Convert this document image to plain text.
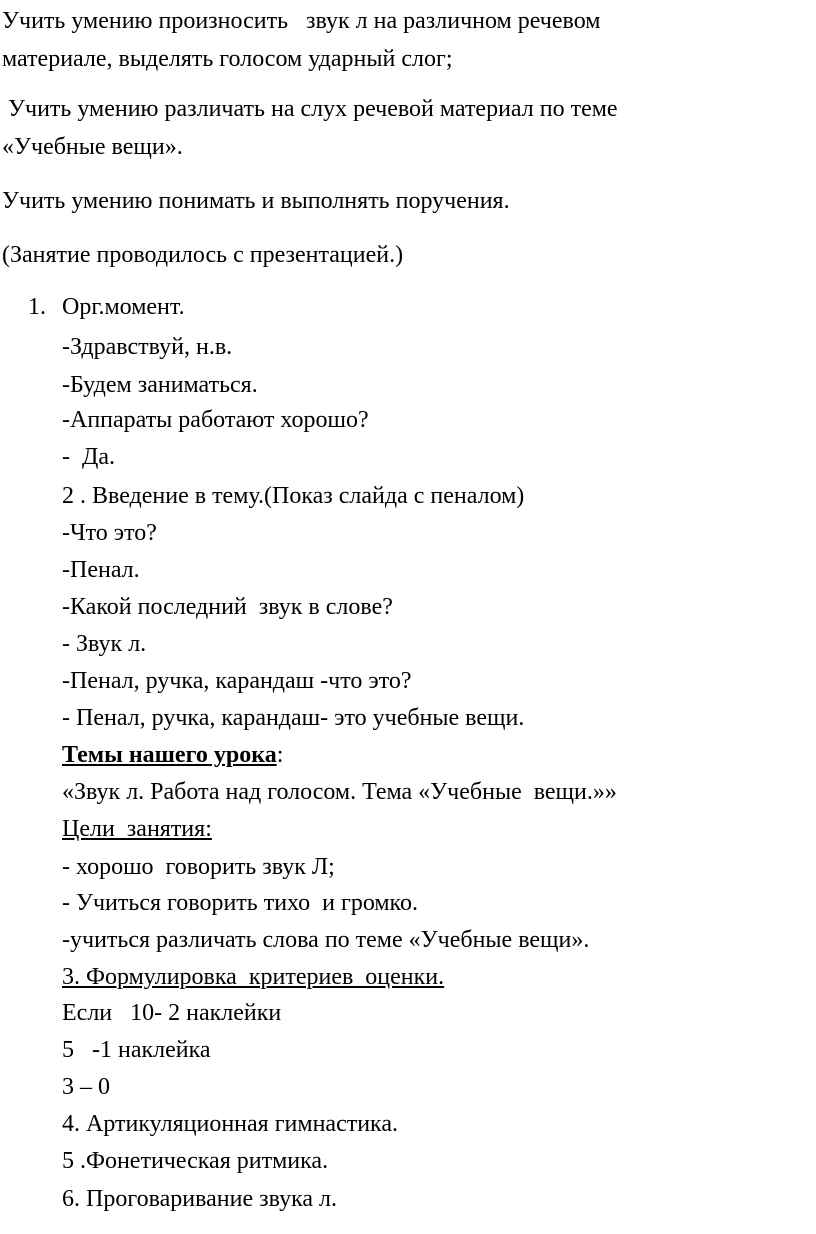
Учить умению произносить   звук л на различном речевом

материале, выделять голосом ударный слог;

Учить умению различать на слух речевой материал по теме

«Учебные вещи».

Учить умению понимать и выполнять поручения.

(Занятие проводилось с презентацией.)

1. Орг.момент.

-Здравствуй, н.в.

-Будем заниматься.

-Аппараты работают хорошо?

-  Да.

2 . Введение в тему.(Показ слайда с пеналом)

-Что это?

-Пенал.

-Какой последний  звук в слове?

- Звук л.

-Пенал, ручка, карандаш -что это?

- Пенал, ручка, карандаш- это учебные вещи.

Темы нашего урока:

«Звук л. Работа над голосом. Тема «Учебные  вещи.»»

Цели  занятия:

- хорошо  говорить звук Л;

- Учиться говорить тихо  и громко.

-учиться различать слова по теме «Учебные вещи».

3. Формулировка  критериев  оценки.

Если   10- 2 наклейки

5   -1 наклейка

3 – 0

4. Артикуляционная гимнастика.

5 .Фонетическая ритмика.

6. Проговаривание звука л.
